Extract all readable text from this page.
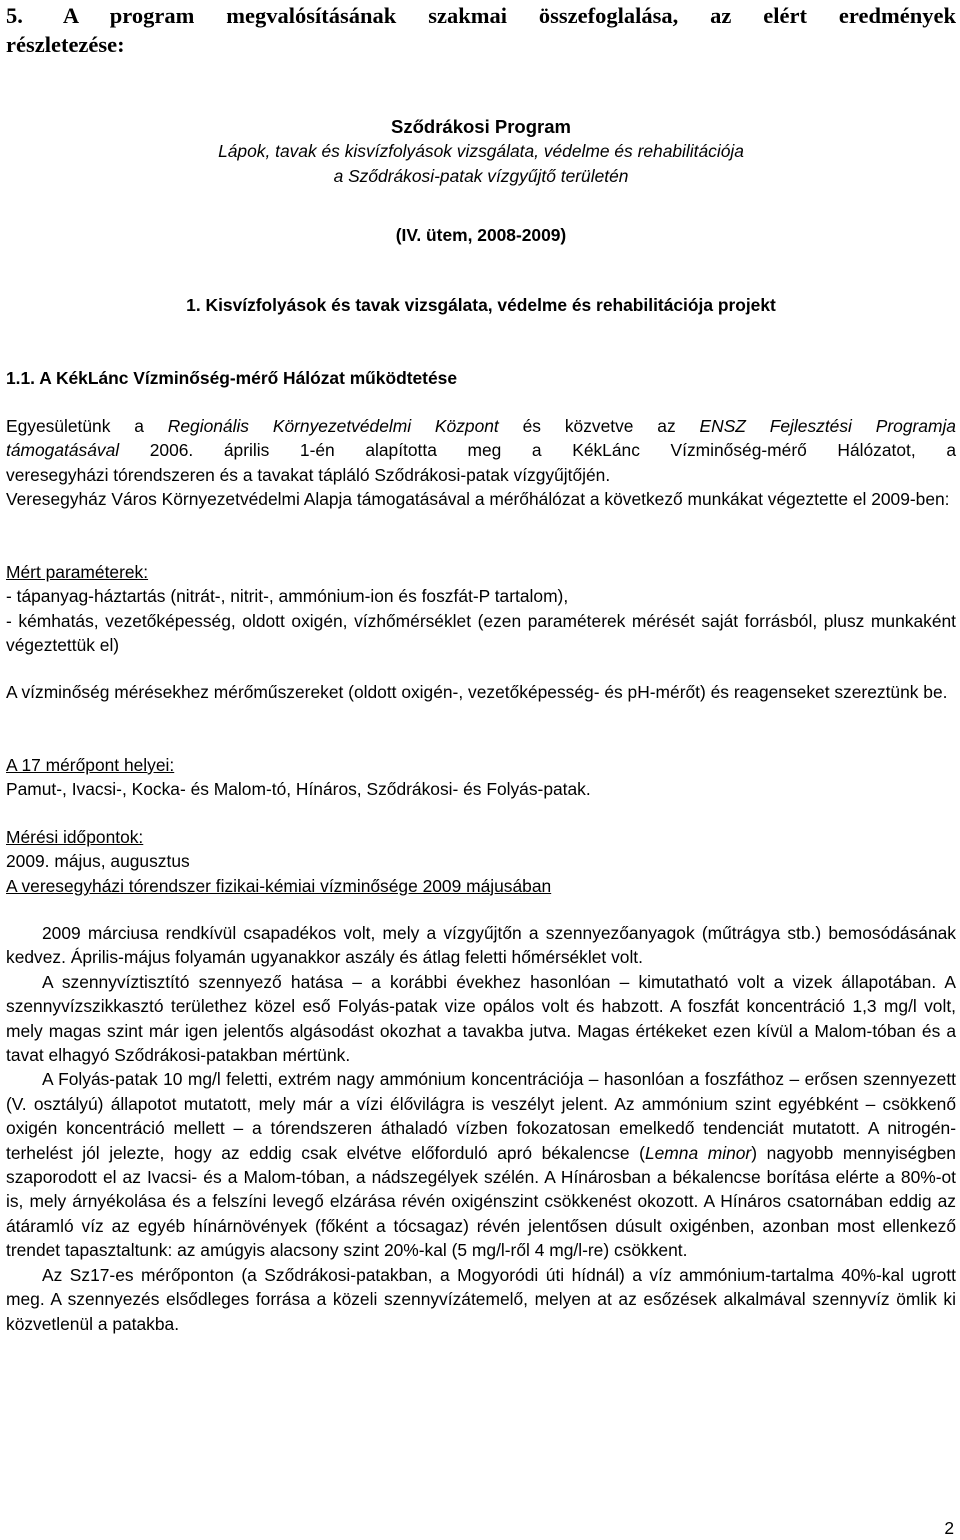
5. A program megvalósításának szakmai összefoglalása, az elért eredmények

részletezése:

Sződrákosi Program

Lápok, tavak és kisvízfolyások vizsgálata, védelme és rehabilitációja

a Sződrákosi-patak vízgyűjtő területén

(IV. ütem, 2008-2009)
1. Kisvízfolyások és tavak vizsgálata, védelme és rehabilitációja projekt
1.1. A KékLánc Vízminőség-mérő Hálózat működtetése

Egyesületünk a Regionális Környezetvédelmi Központ és közvetve az ENSZ Fejlesztési Programja

támogatásával 2006. április 1-én alapította meg a KékLánc Vízminőség-mérő Hálózatot, a

veresegyházi tórendszeren és a tavakat tápláló Sződrákosi-patak vízgyűjtőjén.

Veresegyház Város Környezetvédelmi Alapja támogatásával a mérőhálózat a következő munkákat végeztette el 2009-ben:

Mért paraméterek:

- tápanyag-háztartás (nitrát-, nitrit-, ammónium-ion és foszfát-P tartalom),

- kémhatás, vezetőképesség, oldott oxigén, vízhőmérséklet (ezen paraméterek mérését saját forrásból, plusz munkaként végeztettük el)

A vízminőség mérésekhez mérőműszereket (oldott oxigén-, vezetőképesség- és pH-mérőt) és reagenseket szereztünk be.

A 17 mérőpont helyei:

Pamut-, Ivacsi-, Kocka- és Malom-tó, Hínáros, Sződrákosi- és Folyás-patak.

Mérési időpontok:

2009. május, augusztus

A veresegyházi tórendszer fizikai-kémiai vízminősége 2009 májusában

2009 márciusa rendkívül csapadékos volt, mely a vízgyűjtőn a szennyezőanyagok (műtrágya stb.) bemosódásának kedvez. Április-május folyamán ugyanakkor aszály és átlag feletti hőmérséklet volt.

A szennyvíztisztító szennyező hatása – a korábbi évekhez hasonlóan – kimutatható volt a vizek állapotában. A szennyvízszikkasztó területhez közel eső Folyás-patak vize opálos volt és habzott. A foszfát koncentráció 1,3 mg/l volt, mely magas szint már igen jelentős algásodást okozhat a tavakba jutva. Magas értékeket ezen kívül a Malom-tóban és a tavat elhagyó Sződrákosi-patakban mértünk.

A Folyás-patak 10 mg/l feletti, extrém nagy ammónium koncentrációja – hasonlóan a foszfáthoz – erősen szennyezett (V. osztályú) állapotot mutatott, mely már a vízi élővilágra is veszélyt jelent. Az ammónium szint egyébként – csökkenő oxigén koncentráció mellett – a tórendszeren áthaladó vízben fokozatosan emelkedő tendenciát mutatott. A nitrogén-terhelést jól jelezte, hogy az eddig csak elvétve előforduló apró békalencse (Lemna minor) nagyobb mennyiségben szaporodott el az Ivacsi- és a Malom-tóban, a nádszegélyek szélén. A Hínárosban a békalencse borítása elérte a 80%-ot is, mely árnyékolása és a felszíni levegő elzárása révén oxigénszint csökkenést okozott. A Hínáros csatornában eddig az átáramló víz az egyéb hínárnövények (főként a tócsagaz) révén jelentősen dúsult oxigénben, azonban most ellenkező trendet tapasztaltunk: az amúgyis alacsony szint 20%-kal (5 mg/l-ről 4 mg/l-re) csökkent.

Az Sz17-es mérőponton (a Sződrákosi-patakban, a Mogyoródi úti hídnál) a víz ammónium-tartalma 40%-kal ugrott meg. A szennyezés elsődleges forrása a közeli szennyvízátemelő, melyen at az esőzések alkalmával szennyvíz ömlik ki közvetlenül a patakba.

2
